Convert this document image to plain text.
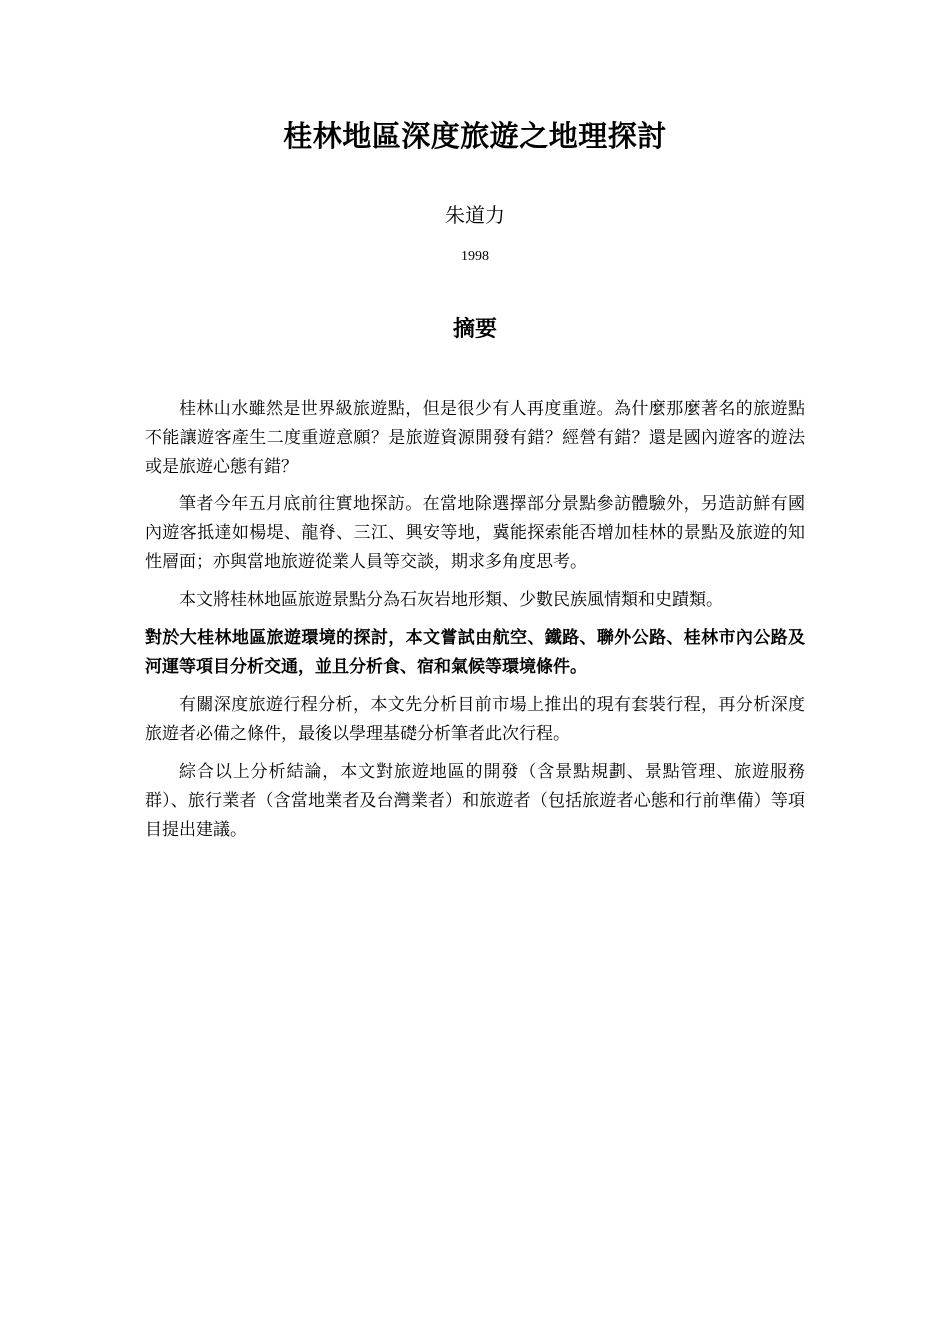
桂林地區深度旅遊之地理探討
朱道力
1998
摘要

桂林山水雖然是世界級旅遊點，但是很少有人再度重遊。為什麼那麼著名的旅遊點不能讓遊客產生二度重遊意願？是旅遊資源開發有錯？經營有錯？還是國內遊客的遊法或是旅遊心態有錯？

筆者今年五月底前往實地探訪。在當地除選擇部分景點參訪體驗外，另造訪鮮有國內遊客抵達如楊堤、龍脊、三江、興安等地，冀能探索能否增加桂林的景點及旅遊的知性層面；亦與當地旅遊從業人員等交談，期求多角度思考。

本文將桂林地區旅遊景點分為石灰岩地形類、少數民族風情類和史蹟類。

對於大桂林地區旅遊環境的探討，本文嘗試由航空、鐵路、聯外公路、桂林市內公路及河運等項目分析交通，並且分析食、宿和氣候等環境條件。

有關深度旅遊行程分析，本文先分析目前市場上推出的現有套裝行程，再分析深度旅遊者必備之條件，最後以學理基礎分析筆者此次行程。

綜合以上分析結論，本文對旅遊地區的開發（含景點規劃、景點管理、旅遊服務群）、旅行業者（含當地業者及台灣業者）和旅遊者（包括旅遊者心態和行前準備）等項目提出建議。
